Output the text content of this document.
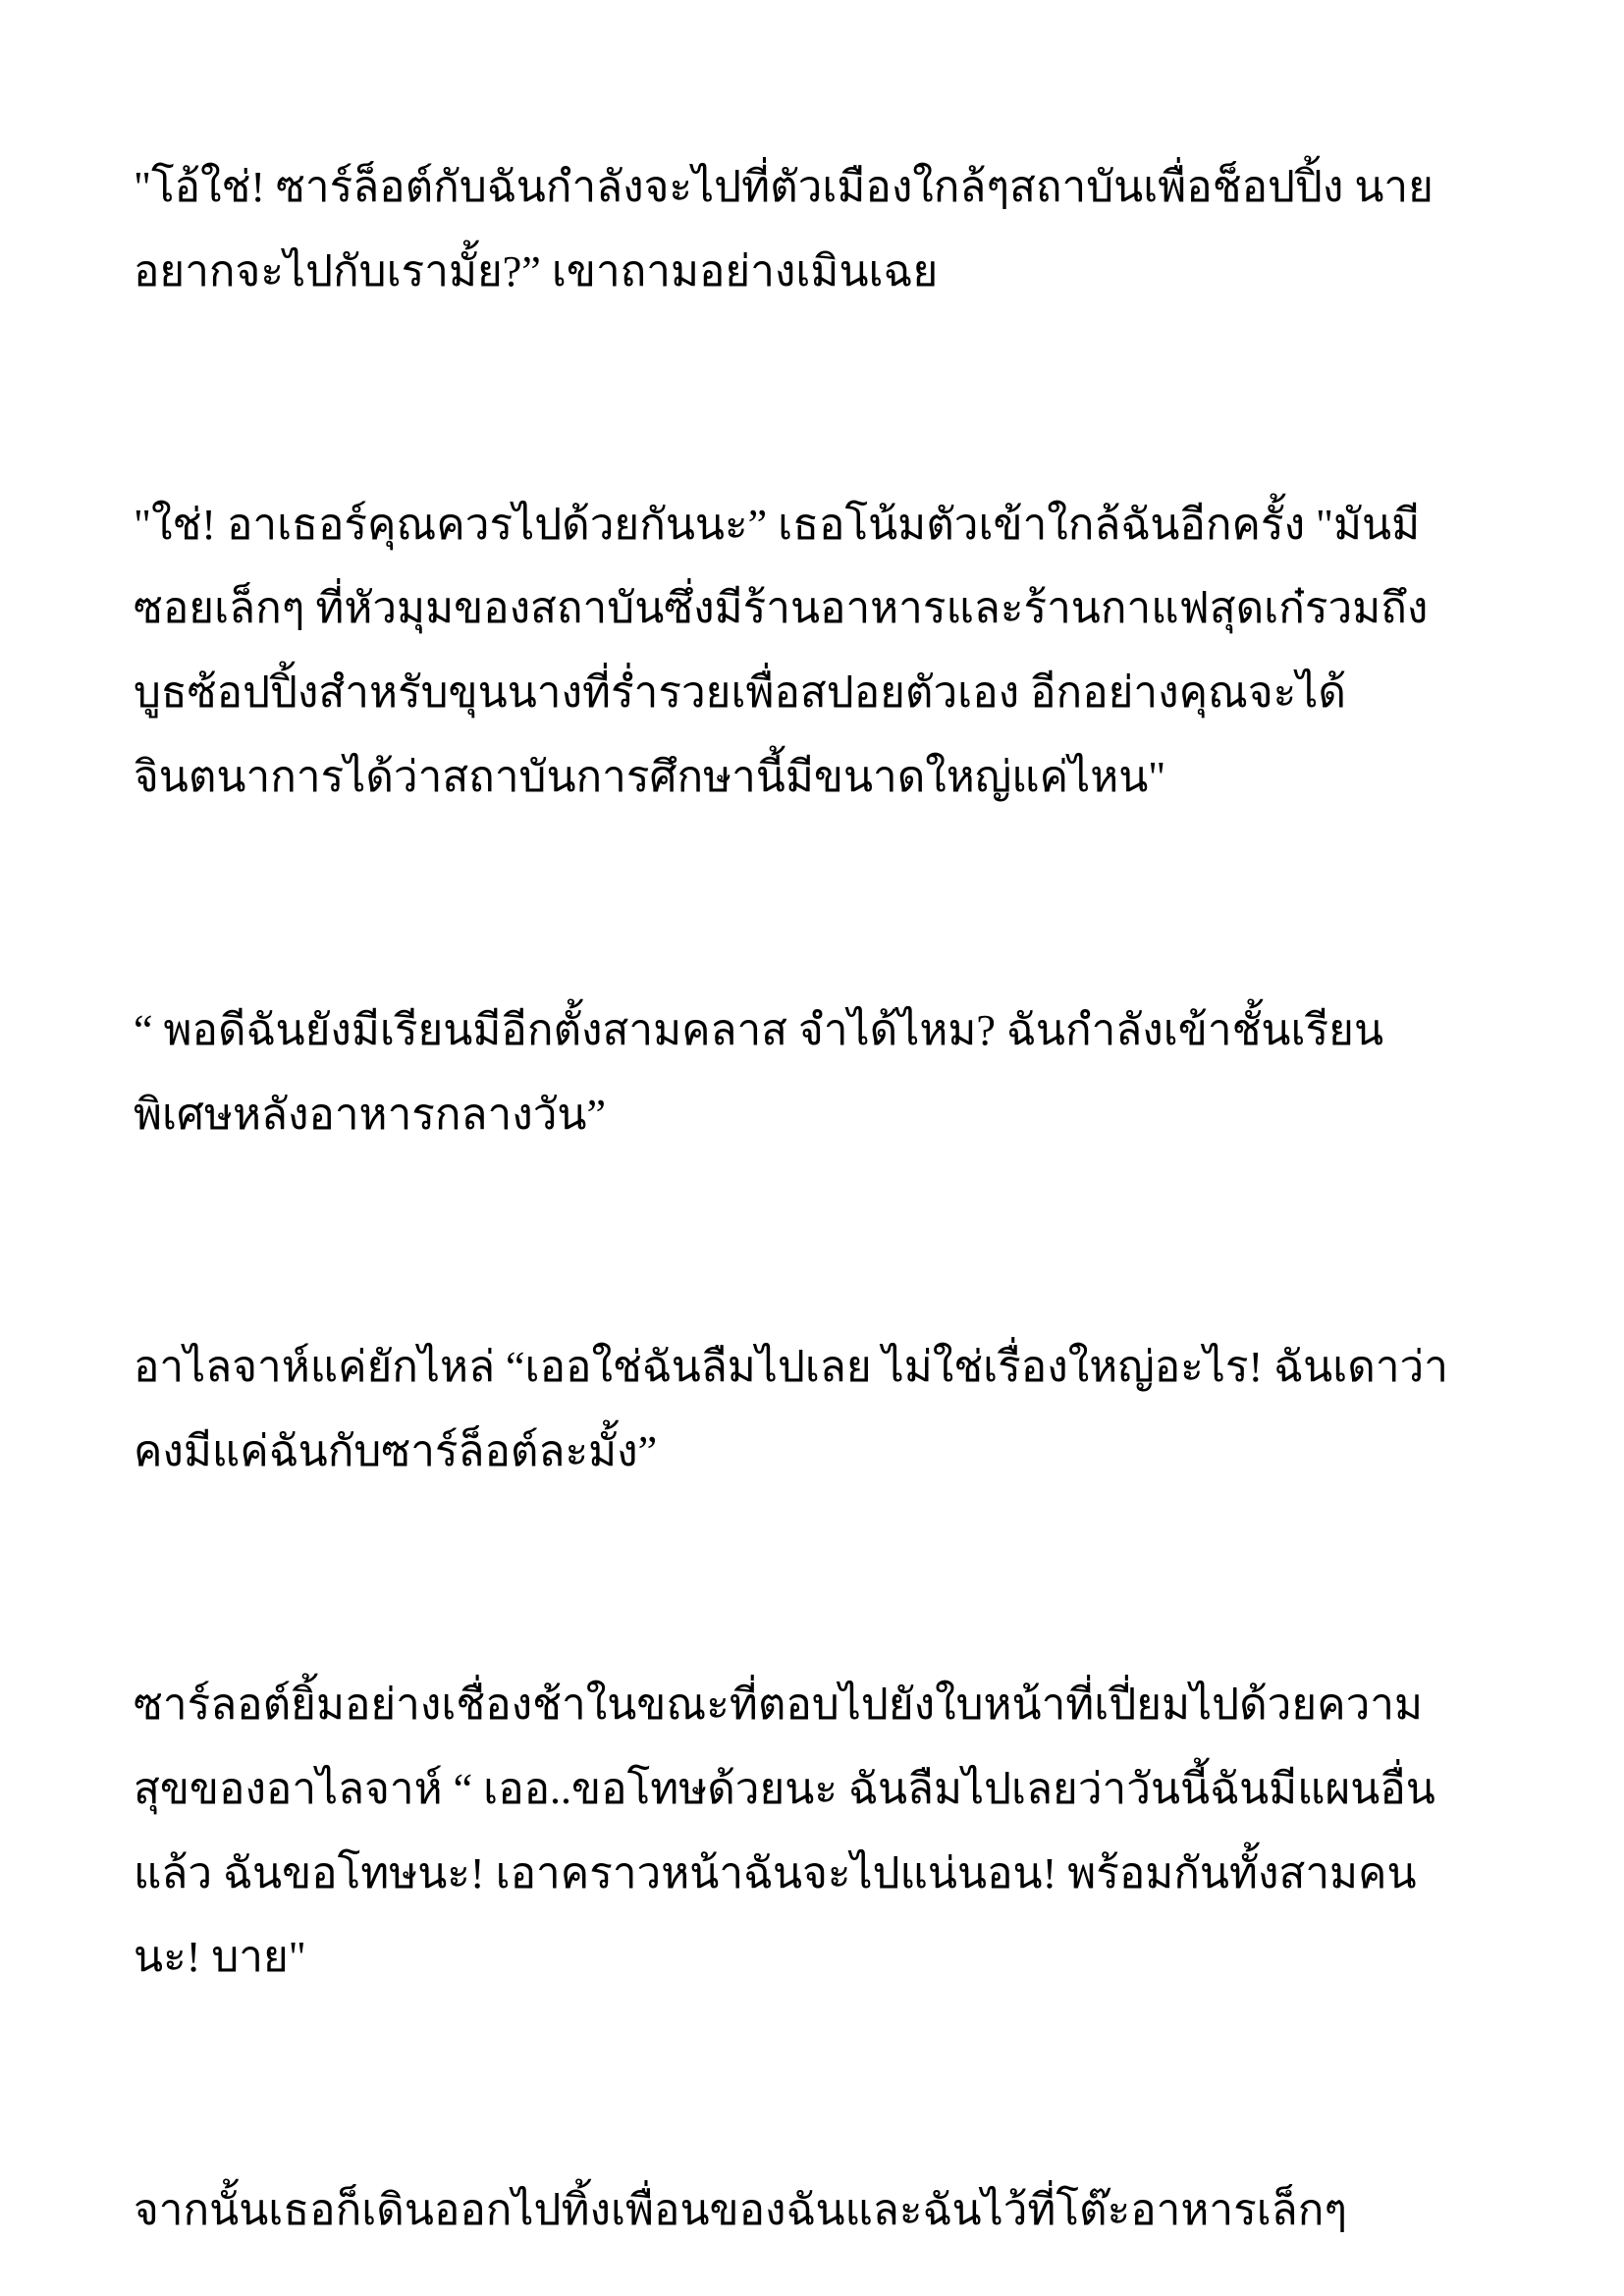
"โอ้ใช่! ซาร์ล็อต์กับฉันกำลังจะไปที่ตัวเมืองใกล้ๆสถาบันเพื่อช็อปปิ้ง นายอยากจะไปกับเรามั้ย?” เขาถามอย่างเมินเฉย

"ใช่! อาเธอร์คุณควรไปด้วยกันนะ” เธอโน้มตัวเข้าใกล้ฉันอีกครั้ง "มันมีซอยเล็กๆ ที่หัวมุมของสถาบันซึ่งมีร้านอาหารและร้านกาแฟสุดเก๋รวมถึงบูธซ้อปปิ้งสำหรับขุนนางที่ร่ำรวยเพื่อสปอยตัวเอง อีกอย่างคุณจะได้จินตนาการได้ว่าสถาบันการศึกษานี้มีขนาดใหญ่แค่ไหน"

“ พอดีฉันยังมีเรียนมีอีกตั้งสามคลาส จำได้ไหม? ฉันกำลังเข้าชั้นเรียนพิเศษหลังอาหารกลางวัน”

อาไลจาห์แค่ยักไหล่ “เออใช่ฉันลืมไปเลย ไม่ใช่เรื่องใหญ่อะไร! ฉันเดาว่าคงมีแค่ฉันกับซาร์ล็อต์ละมั้ง”

ซาร์ลอต์ยิ้มอย่างเชื่องช้าในขณะที่ตอบไปยังใบหน้าที่เปี่ยมไปด้วยความสุขของอาไลจาห์ “ เออ..ขอโทษด้วยนะ ฉันลืมไปเลยว่าวันนี้ฉันมีแผนอื่นแล้ว ฉันขอโทษนะ! เอาคราวหน้าฉันจะไปแน่นอน! พร้อมกันทั้งสามคนนะ! บาย"

จากนั้นเธอก็เดินออกไปทิ้งเพื่อนของฉันและฉันไว้ที่โต๊ะอาหารเล็กๆ
